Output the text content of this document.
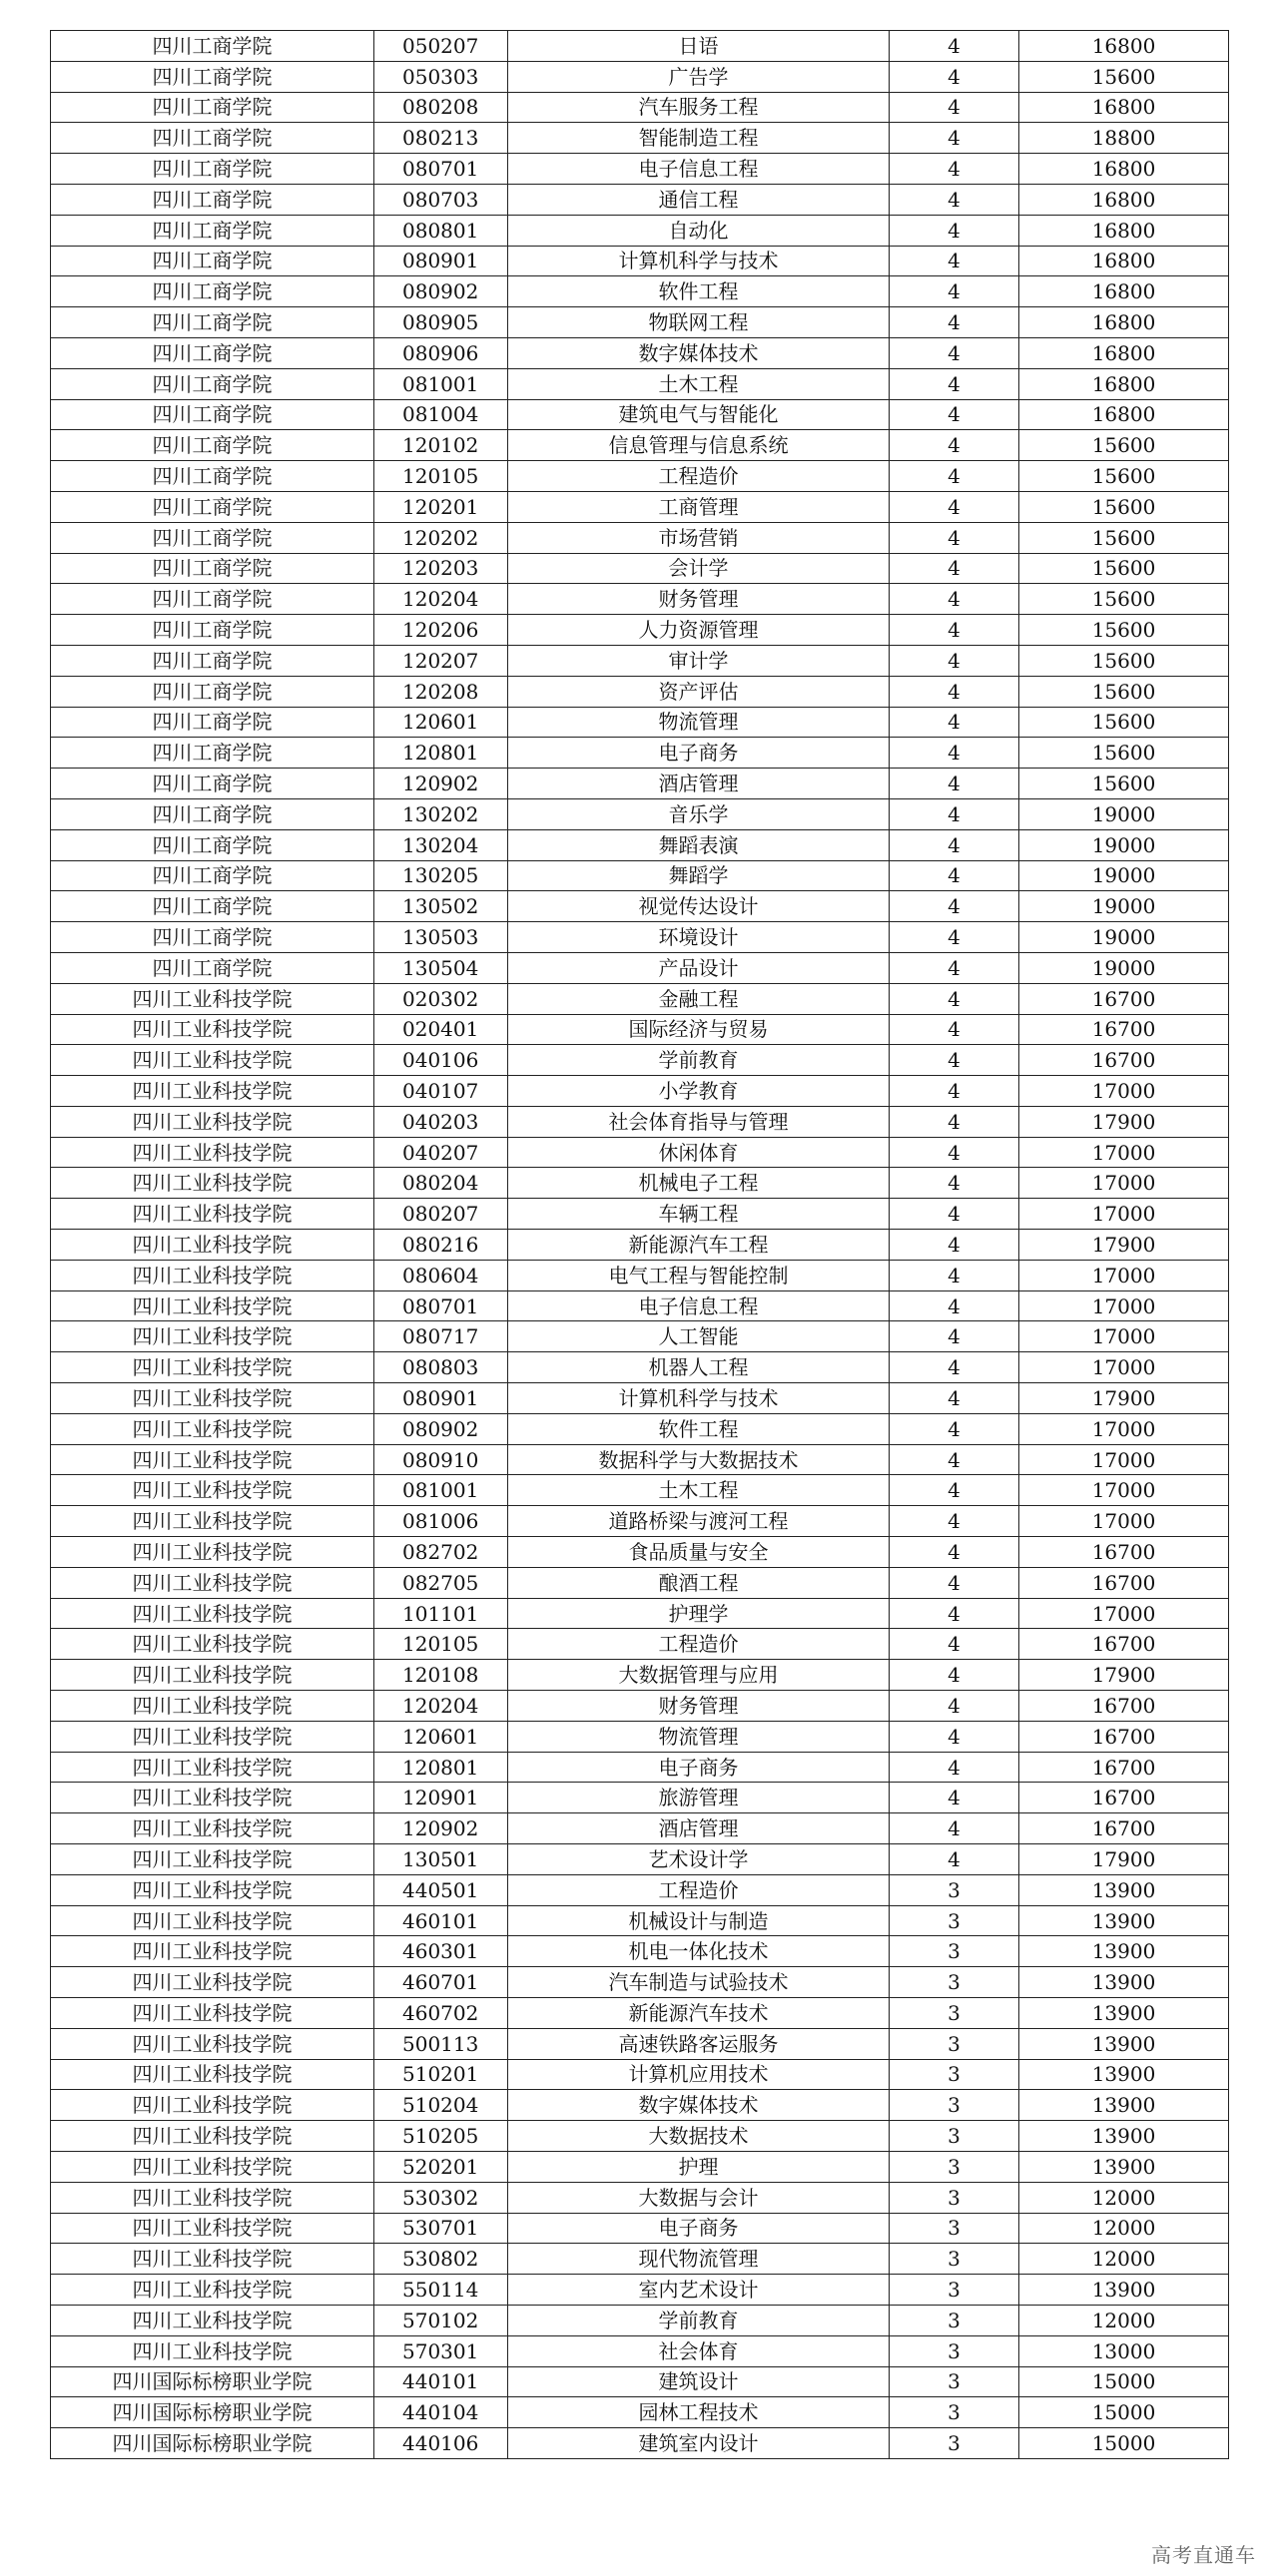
四川工商学院	050207	日语	4	16800
四川工商学院	050303	广告学	4	15600
四川工商学院	080208	汽车服务工程	4	16800
四川工商学院	080213	智能制造工程	4	18800
四川工商学院	080701	电子信息工程	4	16800
四川工商学院	080703	通信工程	4	16800
四川工商学院	080801	自动化	4	16800
四川工商学院	080901	计算机科学与技术	4	16800
四川工商学院	080902	软件工程	4	16800
四川工商学院	080905	物联网工程	4	16800
四川工商学院	080906	数字媒体技术	4	16800
四川工商学院	081001	土木工程	4	16800
四川工商学院	081004	建筑电气与智能化	4	16800
四川工商学院	120102	信息管理与信息系统	4	15600
四川工商学院	120105	工程造价	4	15600
四川工商学院	120201	工商管理	4	15600
四川工商学院	120202	市场营销	4	15600
四川工商学院	120203	会计学	4	15600
四川工商学院	120204	财务管理	4	15600
四川工商学院	120206	人力资源管理	4	15600
四川工商学院	120207	审计学	4	15600
四川工商学院	120208	资产评估	4	15600
四川工商学院	120601	物流管理	4	15600
四川工商学院	120801	电子商务	4	15600
四川工商学院	120902	酒店管理	4	15600
四川工商学院	130202	音乐学	4	19000
四川工商学院	130204	舞蹈表演	4	19000
四川工商学院	130205	舞蹈学	4	19000
四川工商学院	130502	视觉传达设计	4	19000
四川工商学院	130503	环境设计	4	19000
四川工商学院	130504	产品设计	4	19000
四川工业科技学院	020302	金融工程	4	16700
四川工业科技学院	020401	国际经济与贸易	4	16700
四川工业科技学院	040106	学前教育	4	16700
四川工业科技学院	040107	小学教育	4	17000
四川工业科技学院	040203	社会体育指导与管理	4	17900
四川工业科技学院	040207	休闲体育	4	17000
四川工业科技学院	080204	机械电子工程	4	17000
四川工业科技学院	080207	车辆工程	4	17000
四川工业科技学院	080216	新能源汽车工程	4	17900
四川工业科技学院	080604	电气工程与智能控制	4	17000
四川工业科技学院	080701	电子信息工程	4	17000
四川工业科技学院	080717	人工智能	4	17000
四川工业科技学院	080803	机器人工程	4	17000
四川工业科技学院	080901	计算机科学与技术	4	17900
四川工业科技学院	080902	软件工程	4	17000
四川工业科技学院	080910	数据科学与大数据技术	4	17000
四川工业科技学院	081001	土木工程	4	17000
四川工业科技学院	081006	道路桥梁与渡河工程	4	17000
四川工业科技学院	082702	食品质量与安全	4	16700
四川工业科技学院	082705	酿酒工程	4	16700
四川工业科技学院	101101	护理学	4	17000
四川工业科技学院	120105	工程造价	4	16700
四川工业科技学院	120108	大数据管理与应用	4	17900
四川工业科技学院	120204	财务管理	4	16700
四川工业科技学院	120601	物流管理	4	16700
四川工业科技学院	120801	电子商务	4	16700
四川工业科技学院	120901	旅游管理	4	16700
四川工业科技学院	120902	酒店管理	4	16700
四川工业科技学院	130501	艺术设计学	4	17900
四川工业科技学院	440501	工程造价	3	13900
四川工业科技学院	460101	机械设计与制造	3	13900
四川工业科技学院	460301	机电一体化技术	3	13900
四川工业科技学院	460701	汽车制造与试验技术	3	13900
四川工业科技学院	460702	新能源汽车技术	3	13900
四川工业科技学院	500113	高速铁路客运服务	3	13900
四川工业科技学院	510201	计算机应用技术	3	13900
四川工业科技学院	510204	数字媒体技术	3	13900
四川工业科技学院	510205	大数据技术	3	13900
四川工业科技学院	520201	护理	3	13900
四川工业科技学院	530302	大数据与会计	3	12000
四川工业科技学院	530701	电子商务	3	12000
四川工业科技学院	530802	现代物流管理	3	12000
四川工业科技学院	550114	室内艺术设计	3	13900
四川工业科技学院	570102	学前教育	3	12000
四川工业科技学院	570301	社会体育	3	13000
四川国际标榜职业学院	440101	建筑设计	3	15000
四川国际标榜职业学院	440104	园林工程技术	3	15000
四川国际标榜职业学院	440106	建筑室内设计	3	15000
高考直通车
